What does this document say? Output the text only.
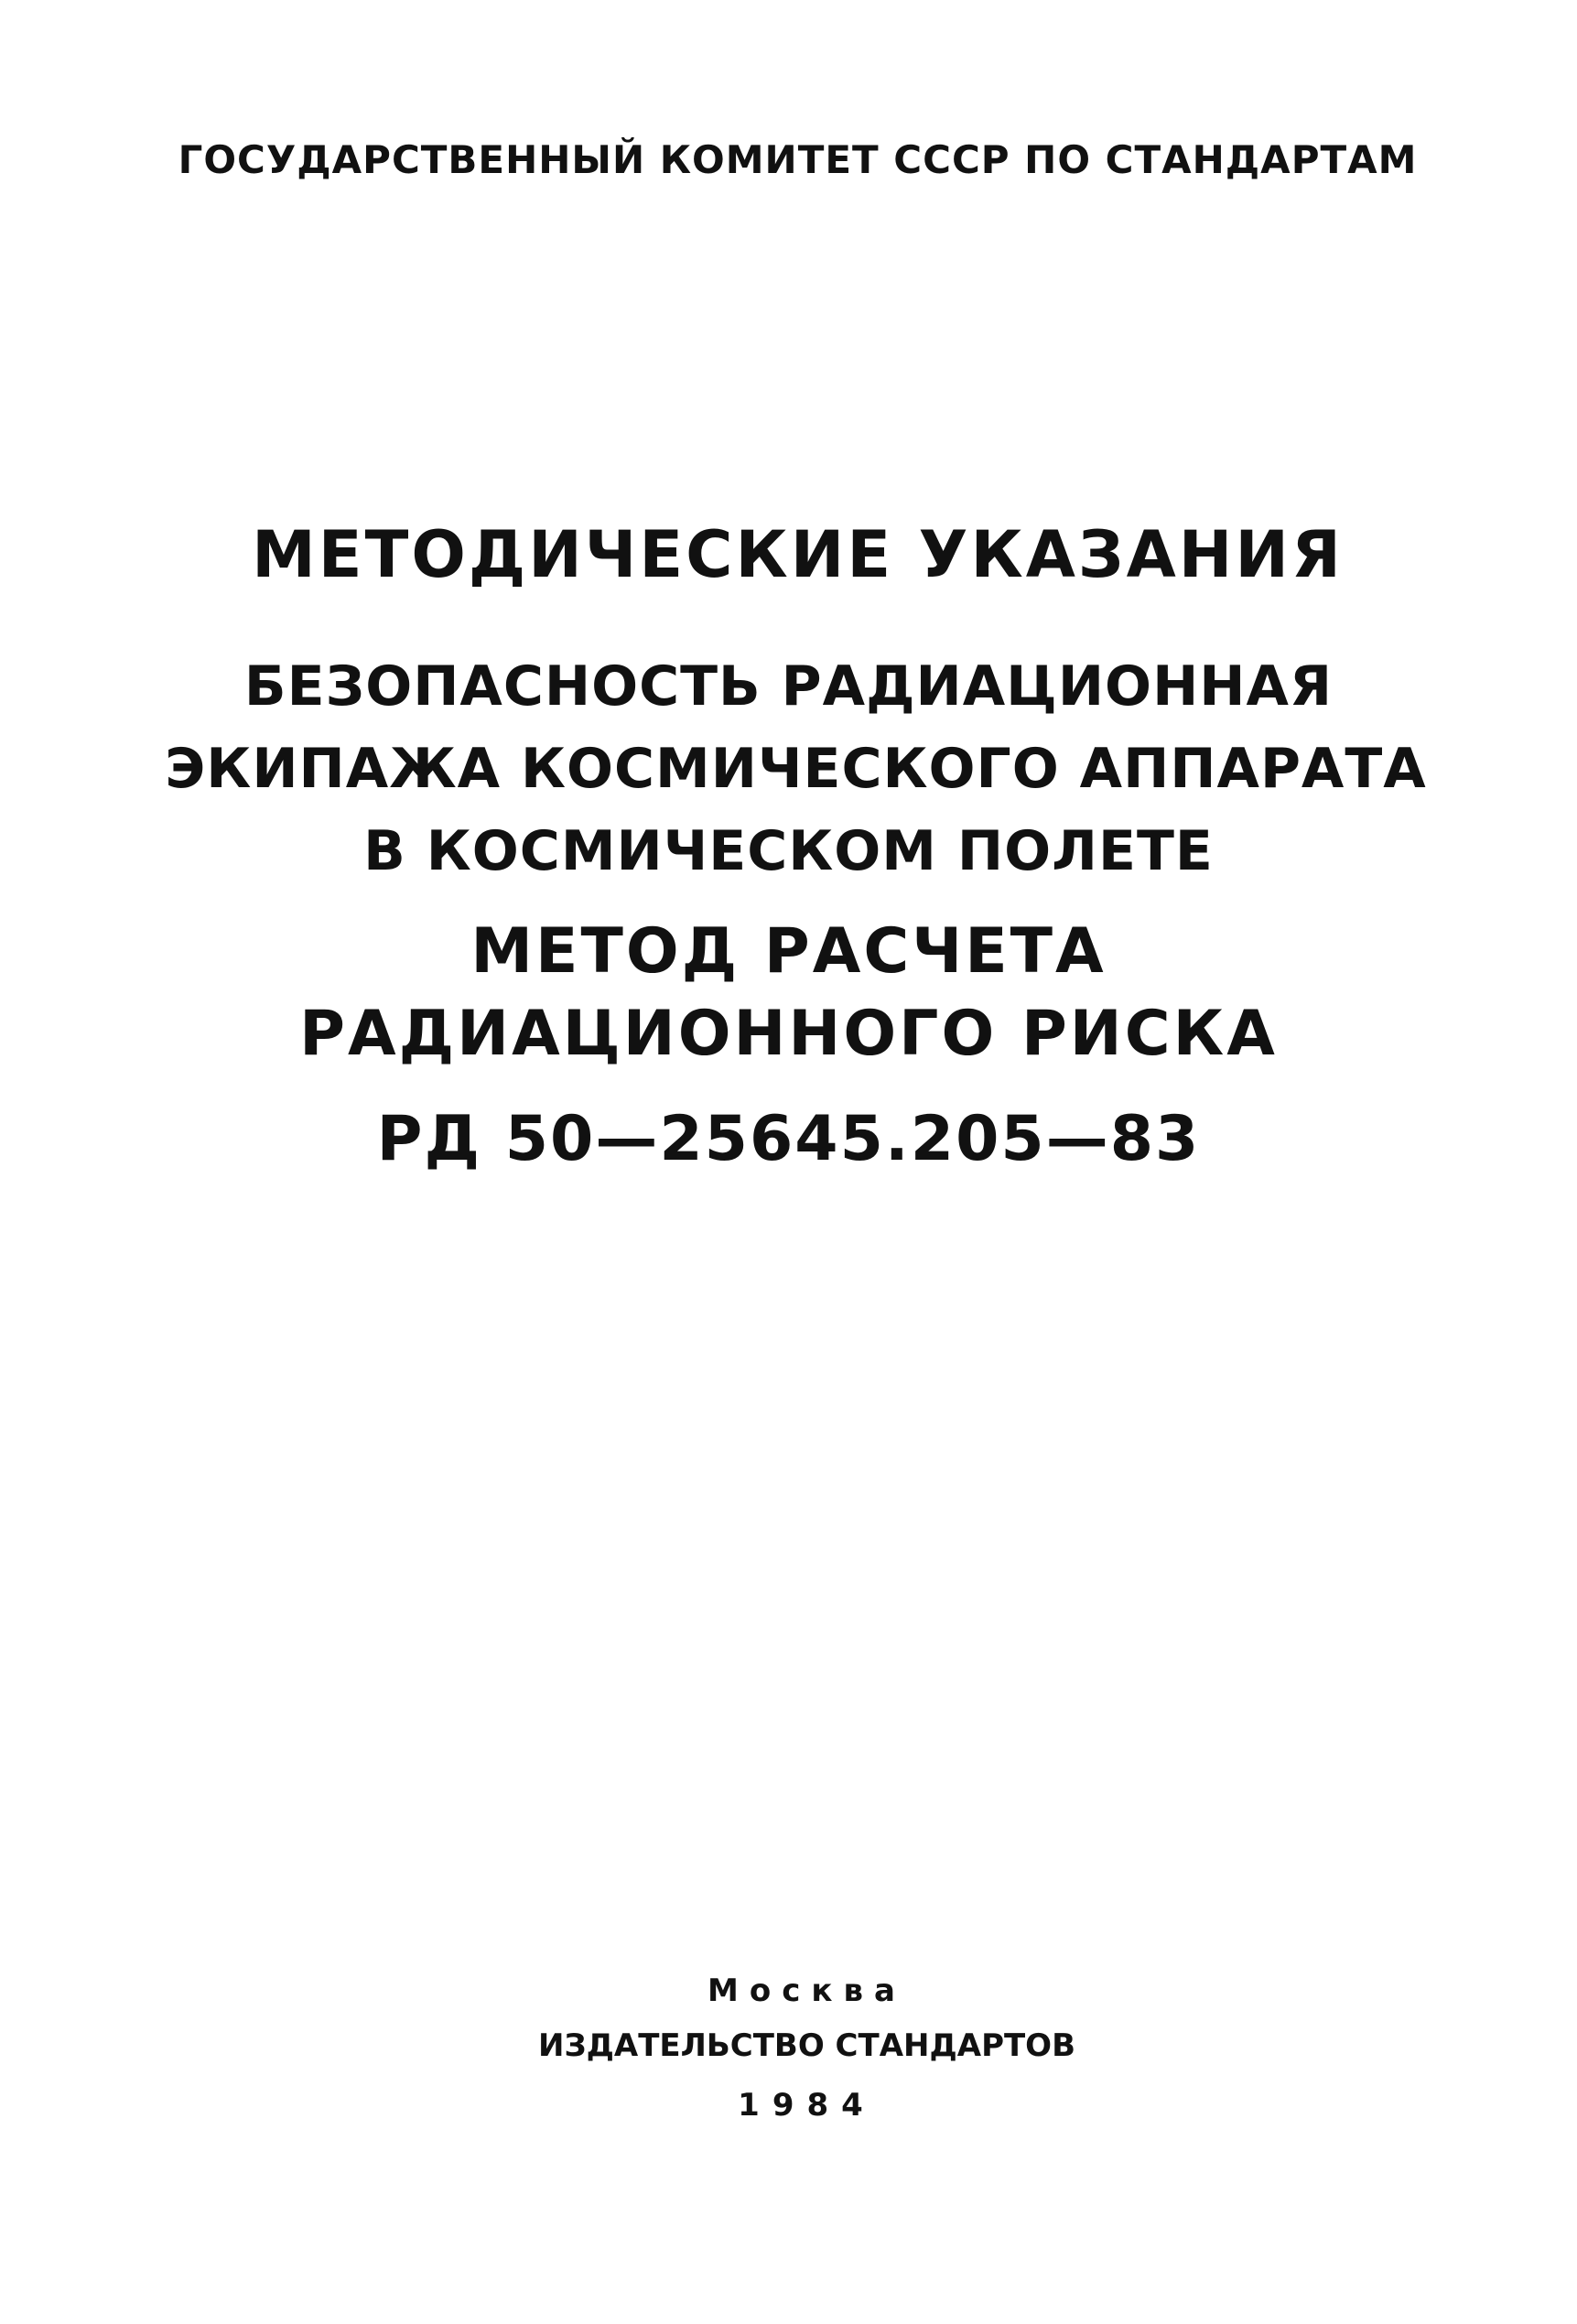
ГОСУДАРСТВЕННЫЙ КОМИТЕТ СССР ПО СТАНДАРТАМ

МЕТОДИЧЕСКИЕ УКАЗАНИЯ

БЕЗОПАСНОСТЬ РАДИАЦИОННАЯ

ЭКИПАЖА КОСМИЧЕСКОГО АППАРАТА

В КОСМИЧЕСКОМ ПОЛЕТЕ

МЕТОД РАСЧЕТА

РАДИАЦИОННОГО РИСКА

РД 50—25645.205—83

Москва

ИЗДАТЕЛЬСТВО СТАНДАРТОВ

1984
